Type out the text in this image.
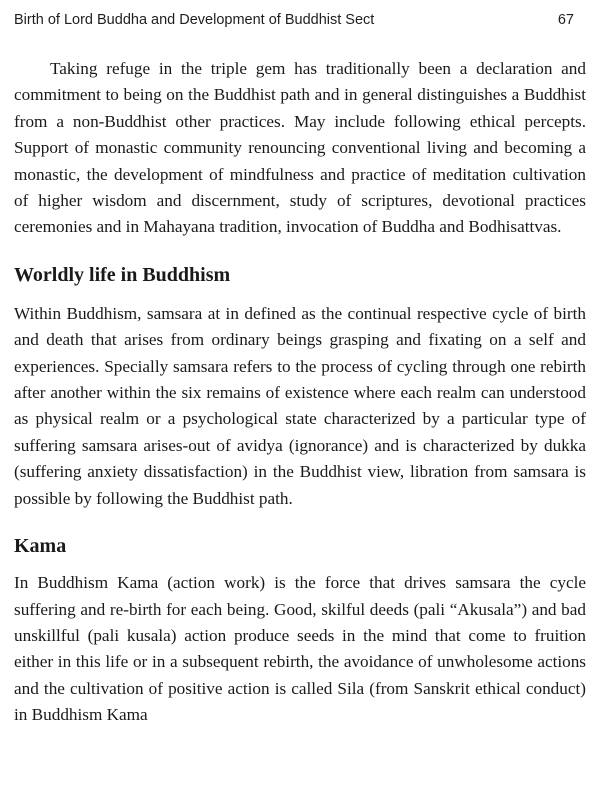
Birth of Lord Buddha and Development of Buddhist Sect	67

Taking refuge in the triple gem has traditionally been a declaration and commitment to being on the Buddhist path and in general distinguishes a Buddhist from a non-Buddhist other practices. May include following ethical percepts. Support of monastic community renouncing conventional living and becoming a monastic, the development of mindfulness and practice of meditation cultivation of higher wisdom and discernment, study of scriptures, devotional practices ceremonies and in Mahayana tradition, invocation of Buddha and Bodhisattvas.

Worldly life in Buddhism

Within Buddhism, samsara at in defined as the continual respective cycle of birth and death that arises from ordinary beings grasping and fixating on a self and experiences. Specially samsara refers to the process of cycling through one rebirth after another within the six remains of existence where each realm can understood as physical realm or a psychological state characterized by a particular type of suffering samsara arises-out of avidya (ignorance) and is characterized by dukka (suffering anxiety dissatisfaction) in the Buddhist view, libration from samsara is possible by following the Buddhist path.

Kama

In Buddhism Kama (action work) is the force that drives samsara the cycle suffering and re-birth for each being. Good, skilful deeds (pali “Akusala”) and bad unskillful (pali kusala) action produce seeds in the mind that come to fruition either in this life or in a subsequent rebirth, the avoidance of unwholesome actions and the cultivation of positive action is called Sila (from Sanskrit ethical conduct) in Buddhism Kama
